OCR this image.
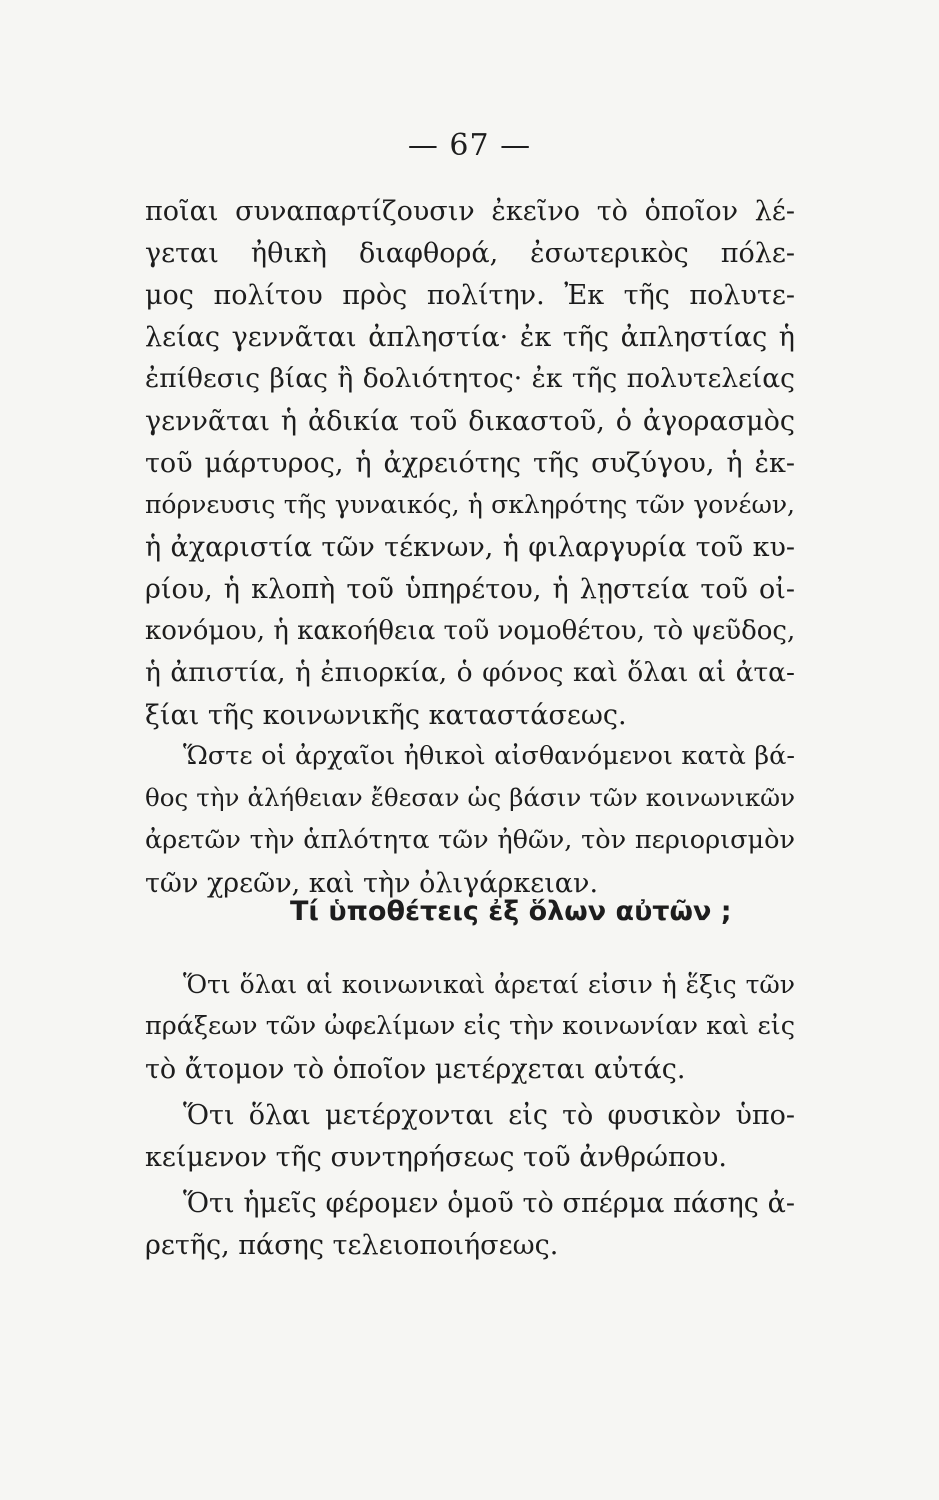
— 67 —
ποῖαι συναπαρτίζουσιν ἐκεῖνο τὸ ὁποῖον λέ-
γεται ἠθικὴ διαφθορά, ἐσωτερικὸς πόλε-
μος πολίτου πρὸς πολίτην. Ἐκ τῆς πολυτε-
λείας γεννᾶται ἀπληστία· ἐκ τῆς ἀπληστίας ἡ
ἐπίθεσις βίας ἢ δολιότητος· ἐκ τῆς πολυτελείας
γεννᾶται ἡ ἀδικία τοῦ δικαστοῦ, ὁ ἀγορασμὸς
τοῦ μάρτυρος, ἡ ἀχρειότης τῆς συζύγου, ἡ ἐκ-
πόρνευσις τῆς γυναικός, ἡ σκληρότης τῶν γονέων,
ἡ ἀχαριστία τῶν τέκνων, ἡ φιλαργυρία τοῦ κυ-
ρίου, ἡ κλοπὴ τοῦ ὑπηρέτου, ἡ λῃστεία τοῦ οἰ-
κονόμου, ἡ κακοήθεια τοῦ νομοθέτου, τὸ ψεῦδος,
ἡ ἀπιστία, ἡ ἐπιορκία, ὁ φόνος καὶ ὅλαι αἱ ἀτα-
ξίαι τῆς κοινωνικῆς καταστάσεως.
Ὥστε οἱ ἀρχαῖοι ἠθικοὶ αἰσθανόμενοι κατὰ βά-
θος τὴν ἀλήθειαν ἔθεσαν ὡς βάσιν τῶν κοινωνικῶν
ἀρετῶν τὴν ἁπλότητα τῶν ἠθῶν, τὸν περιορισμὸν
τῶν χρεῶν, καὶ τὴν ὀλιγάρκειαν.
Τί ὑποθέτεις ἐξ ὅλων αὐτῶν ;
Ὅτι ὅλαι αἱ κοινωνικαὶ ἀρεταί εἰσιν ἡ ἕξις τῶν
πράξεων τῶν ὠφελίμων εἰς τὴν κοινωνίαν καὶ εἰς
τὸ ἄτομον τὸ ὁποῖον μετέρχεται αὐτάς.
Ὅτι ὅλαι μετέρχονται εἰς τὸ φυσικὸν ὑπο-
κείμενον τῆς συντηρήσεως τοῦ ἀνθρώπου.
Ὅτι ἡμεῖς φέρομεν ὁμοῦ τὸ σπέρμα πάσης ἀ-
ρετῆς, πάσης τελειοποιήσεως.
